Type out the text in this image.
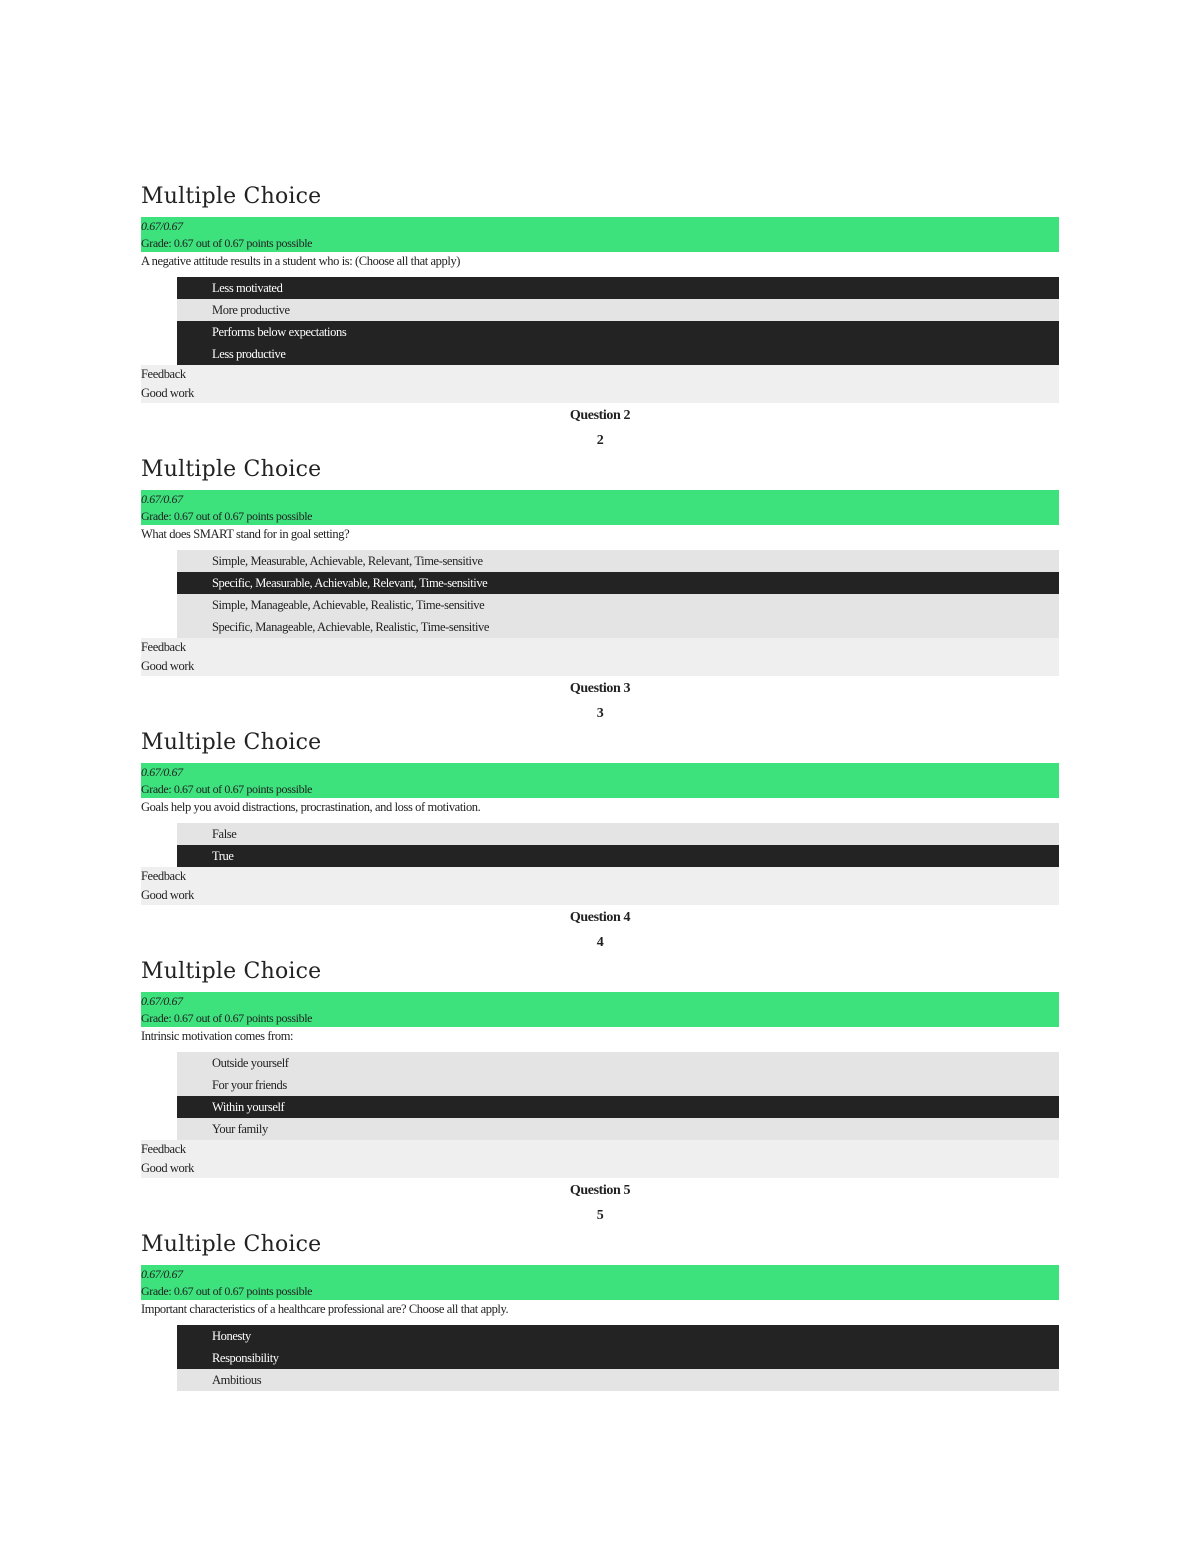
Multiple Choice
0.67/0.67
Grade: 0.67 out of 0.67 points possible
A negative attitude results in a student who is: (Choose all that apply)
Less motivated
More productive
Performs below expectations
Less productive
Feedback
Good work
Question 2
2
Multiple Choice
0.67/0.67
Grade: 0.67 out of 0.67 points possible
What does SMART stand for in goal setting?
Simple, Measurable, Achievable, Relevant, Time-sensitive
Specific, Measurable, Achievable, Relevant, Time-sensitive
Simple, Manageable, Achievable, Realistic, Time-sensitive
Specific, Manageable, Achievable, Realistic, Time-sensitive
Feedback
Good work
Question 3
3
Multiple Choice
0.67/0.67
Grade: 0.67 out of 0.67 points possible
Goals help you avoid distractions, procrastination, and loss of motivation.
False
True
Feedback
Good work
Question 4
4
Multiple Choice
0.67/0.67
Grade: 0.67 out of 0.67 points possible
Intrinsic motivation comes from:
Outside yourself
For your friends
Within yourself
Your family
Feedback
Good work
Question 5
5
Multiple Choice
0.67/0.67
Grade: 0.67 out of 0.67 points possible
Important characteristics of a healthcare professional are? Choose all that apply.
Honesty
Responsibility
Ambitious
